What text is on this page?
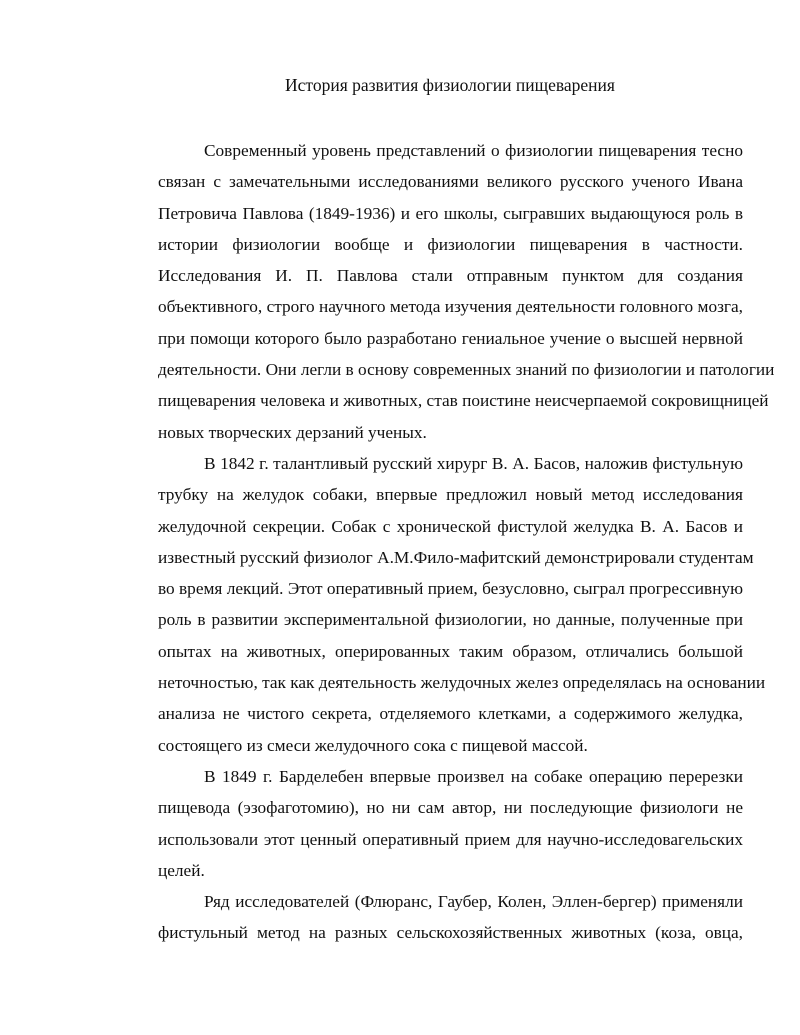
История развития физиологии пищеварения
Современный уровень представлений о физиологии пищеварения тесно
связан с замечательными исследованиями великого русского ученого Ивана
Петровича Павлова (1849-1936) и его школы, сыгравших выдающуюся роль в
истории физиологии вообще и физиологии пищеварения в частности.
Исследования И. П. Павлова стали отправным пунктом для создания
объективного, строго научного метода изучения деятельности головного мозга,
при помощи которого было разработано гениальное учение о высшей нервной
деятельности. Они легли в основу современных знаний по физиологии и патологии
пищеварения человека и животных, став поистине неисчерпаемой сокровищницей
новых творческих дерзаний ученых.
В 1842 г. талантливый русский хирург В. А. Басов, наложив фистульную
трубку на желудок собаки, впервые предложил новый метод исследования
желудочной секреции. Собак с хронической фистулой желудка В. А. Басов и
известный русский физиолог А.М.Фило-мафитский демонстрировали студентам
во время лекций. Этот оперативный прием, безусловно, сыграл прогрессивную
роль в развитии экспериментальной физиологии, но данные, полученные при
опытах на животных, оперированных таким образом, отличались большой
неточностью, так как деятельность желудочных желез определялась на основании
анализа не чистого секрета, отделяемого клетками, а содержимого желудка,
состоящего из смеси желудочного сока с пищевой массой.
В 1849 г. Барделебен впервые произвел на собаке операцию перерезки
пищевода (эзофаготомию), но ни сам автор, ни последующие физиологи не
использовали этот ценный оперативный прием для научно-исследовагельских
целей.
Ряд исследователей (Флюранс, Гаубер, Колен, Эллен-бергер) применяли
фистульный метод на разных сельскохозяйственных животных (коза, овца,
